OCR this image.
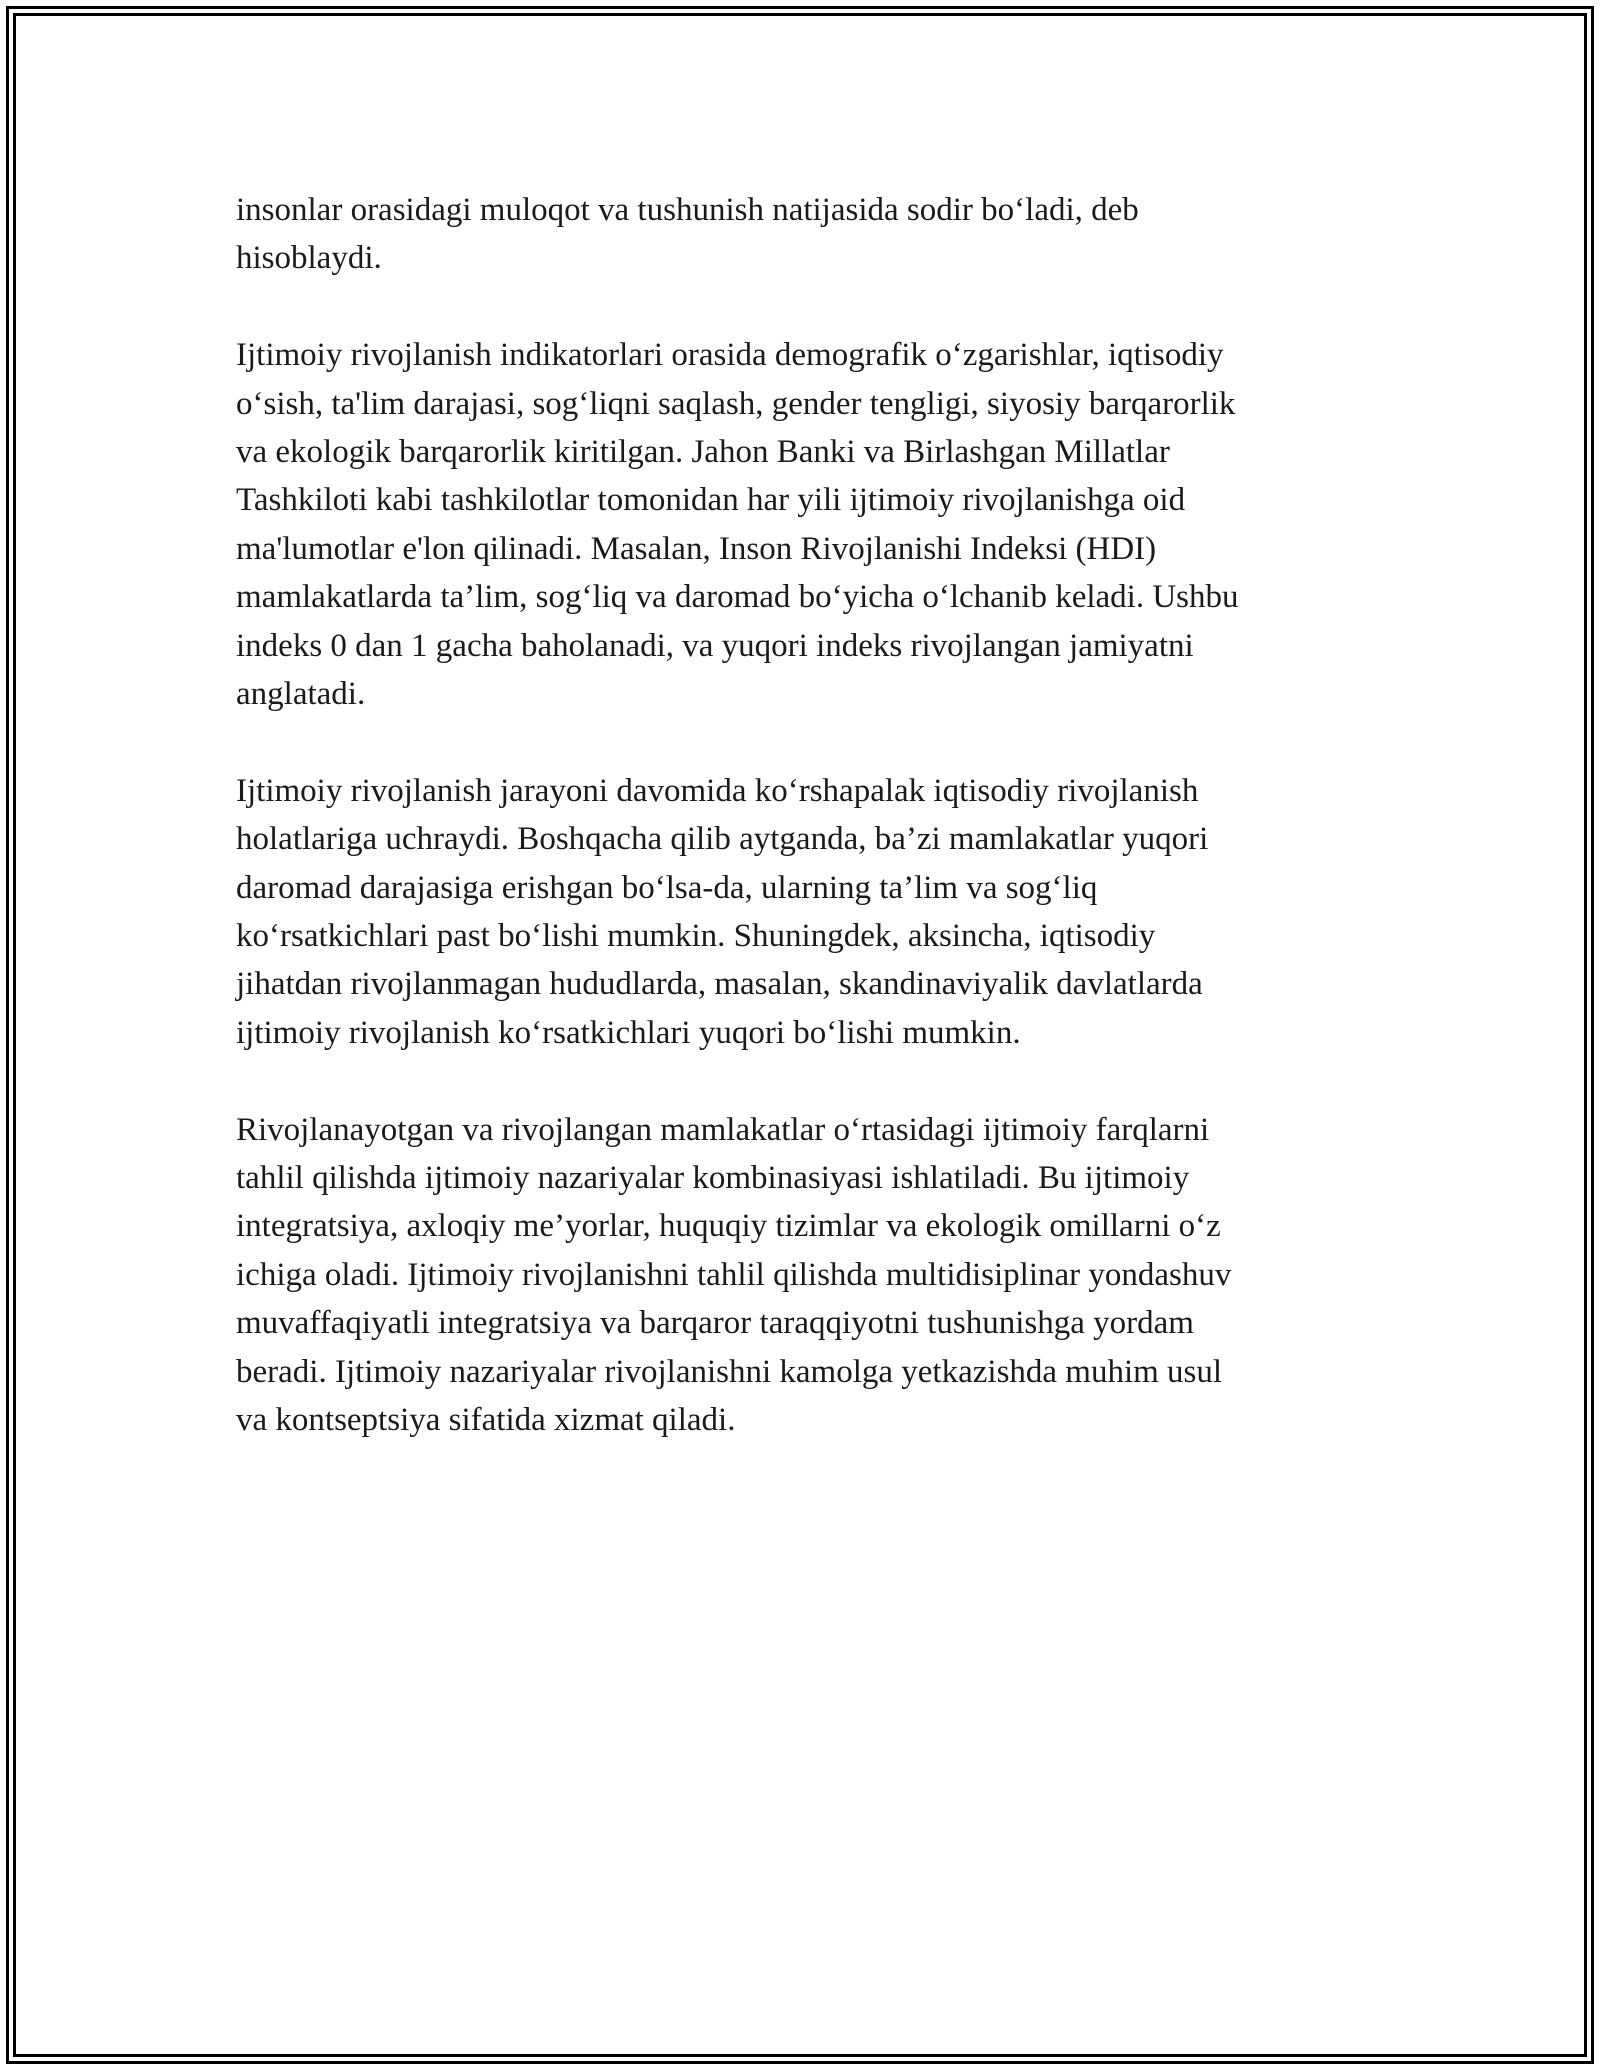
insonlar orasidagi muloqot va tushunish natijasida sodir bo‘ladi, deb
hisoblaydi.

Ijtimoiy rivojlanish indikatorlari orasida demografik o‘zgarishlar, iqtisodiy
o‘sish, ta'lim darajasi, sog‘liqni saqlash, gender tengligi, siyosiy barqarorlik
va ekologik barqarorlik kiritilgan. Jahon Banki va Birlashgan Millatlar
Tashkiloti kabi tashkilotlar tomonidan har yili ijtimoiy rivojlanishga oid
ma'lumotlar e'lon qilinadi. Masalan, Inson Rivojlanishi Indeksi (HDI)
mamlakatlarda ta’lim, sog‘liq va daromad bo‘yicha o‘lchanib keladi. Ushbu
indeks 0 dan 1 gacha baholanadi, va yuqori indeks rivojlangan jamiyatni
anglatadi.

Ijtimoiy rivojlanish jarayoni davomida ko‘rshapalak iqtisodiy rivojlanish
holatlariga uchraydi. Boshqacha qilib aytganda, ba’zi mamlakatlar yuqori
daromad darajasiga erishgan bo‘lsa-da, ularning ta’lim va sog‘liq
ko‘rsatkichlari past bo‘lishi mumkin. Shuningdek, aksincha, iqtisodiy
jihatdan rivojlanmagan hududlarda, masalan, skandinaviyalik davlatlarda
ijtimoiy rivojlanish ko‘rsatkichlari yuqori bo‘lishi mumkin.

Rivojlanayotgan va rivojlangan mamlakatlar o‘rtasidagi ijtimoiy farqlarni
tahlil qilishda ijtimoiy nazariyalar kombinasiyasi ishlatiladi. Bu ijtimoiy
integratsiya, axloqiy me’yorlar, huquqiy tizimlar va ekologik omillarni o‘z
ichiga oladi. Ijtimoiy rivojlanishni tahlil qilishda multidisiplinar yondashuv
muvaffaqiyatli integratsiya va barqaror taraqqiyotni tushunishga yordam
beradi. Ijtimoiy nazariyalar rivojlanishni kamolga yetkazishda muhim usul
va kontseptsiya sifatida xizmat qiladi.
